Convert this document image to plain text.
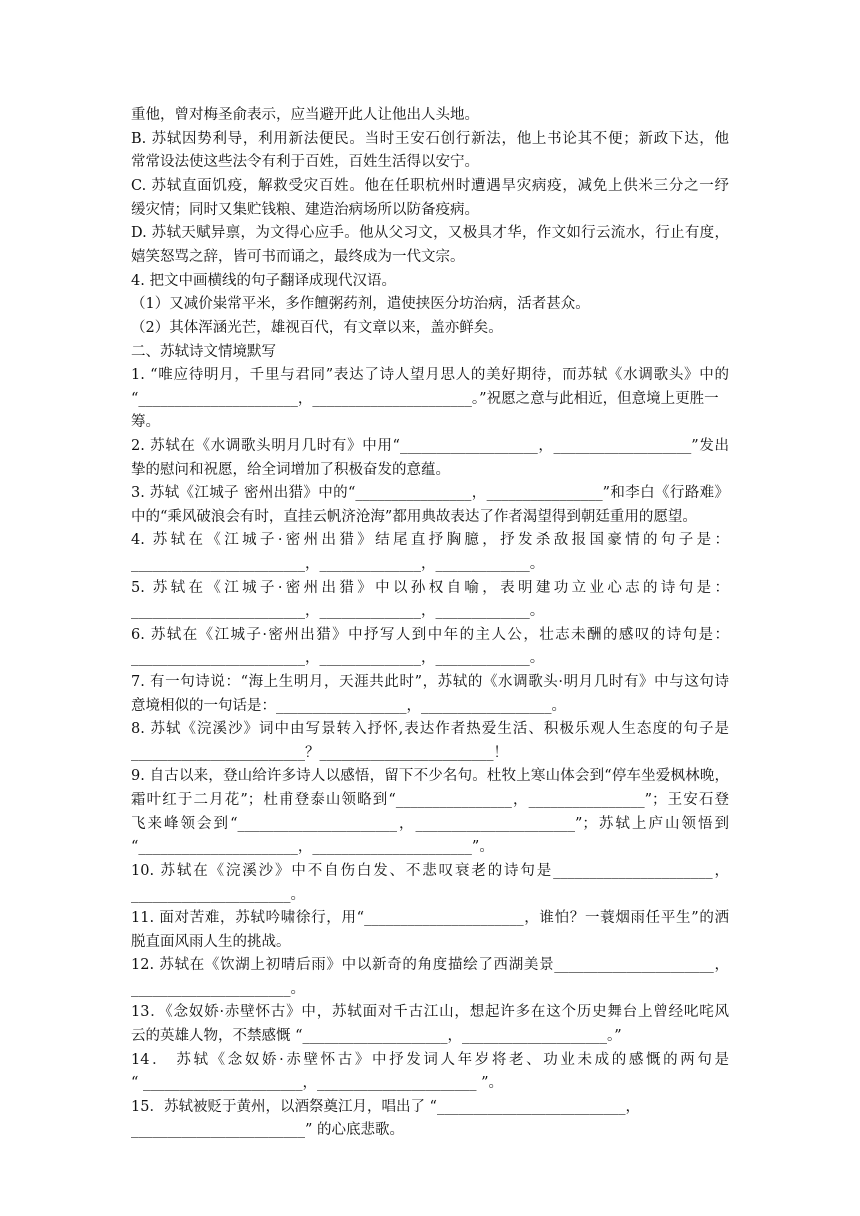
重他，曾对梅圣俞表示，应当避开此人让他出人头地。
B. 苏轼因势利导，利用新法便民。当时王安石创行新法，他上书论其不便；新政下达，他
常常设法使这些法令有利于百姓，百姓生活得以安宁。
C. 苏轼直面饥疫，解救受灾百姓。他在任职杭州时遭遇旱灾病疫，减免上供米三分之一纾
缓灾情；同时又集贮钱粮、建造治病场所以防备疫病。
D. 苏轼天赋异禀，为文得心应手。他从父习文，又极具才华，作文如行云流水，行止有度，
嬉笑怒骂之辞，皆可书而诵之，最终成为一代文宗。
4. 把文中画横线的句子翻译成现代汉语。
（1）又减价粜常平米，多作饘粥药剂，遣使挟医分坊治病，活者甚众。
（2）其体浑涵光芒，雄视百代，有文章以来，盖亦鲜矣。
二、苏轼诗文情境默写
1. “唯应待明月，千里与君同”表达了诗人望月思人的美好期待，而苏轼《水调歌头》中的
“______________________，______________________。”祝愿之意与此相近，但意境上更胜一
筹。
2. 苏轼在《水调歌头明月几时有》中用“___________________，___________________”发出
挚的慰问和祝愿，给全词增加了积极奋发的意蕴。
3. 苏轼《江城子 密州出猎》中的“________________，________________”和李白《行路难》
中的“乘风破浪会有时，直挂云帆济沧海”都用典故表达了作者渴望得到朝廷重用的愿望。
4. 苏轼在《江城子·密州出猎》结尾直抒胸臆，抒发杀敌报国豪情的句子是：
________________________，______________，_____________。
5. 苏轼在《江城子·密州出猎》中以孙权自喻，表明建功立业心志的诗句是：
________________________，______________，_____________。
6. 苏轼在《江城子·密州出猎》中抒写人到中年的主人公，壮志未酬的感叹的诗句是：
________________________，______________，_____________。
7. 有一句诗说：“海上生明月，天涯共此时”，苏轼的《水调歌头·明月几时有》中与这句诗
意境相似的一句话是：__________________，__________________。
8. 苏轼《浣溪沙》词中由写景转入抒怀,表达作者热爱生活、积极乐观人生态度的句子是
________________________？________________________！
9. 自古以来，登山给许多诗人以感悟，留下不少名句。杜牧上寒山体会到“停车坐爱枫林晚，
霜叶红于二月花”；杜甫登泰山领略到“________________，________________”；王安石登
飞来峰领会到“______________________，______________________”；苏轼上庐山领悟到
“______________________，______________________”。
10. 苏轼在《浣溪沙》中不自伤白发、不悲叹衰老的诗句是______________________，
______________________。
11. 面对苦难，苏轼吟啸徐行，用“______________________，谁怕？一蓑烟雨任平生”的洒
脱直面风雨人生的挑战。
12. 苏轼在《饮湖上初晴后雨》中以新奇的角度描绘了西湖美景______________________，
______________________。
13．《念奴娇·赤壁怀古》中，苏轼面对千古江山，想起许多在这个历史舞台上曾经叱咤风
云的英雄人物，不禁感慨 “____________________，____________________。”
14． 苏轼《念奴娇·赤壁怀古》中抒发词人年岁将老、功业未成的感慨的两句是
“ ______________________，______________________ ”。
15．苏轼被贬于黄州，以酒祭奠江月，唱出了 “__________________________，
________________________” 的心底悲歌。
